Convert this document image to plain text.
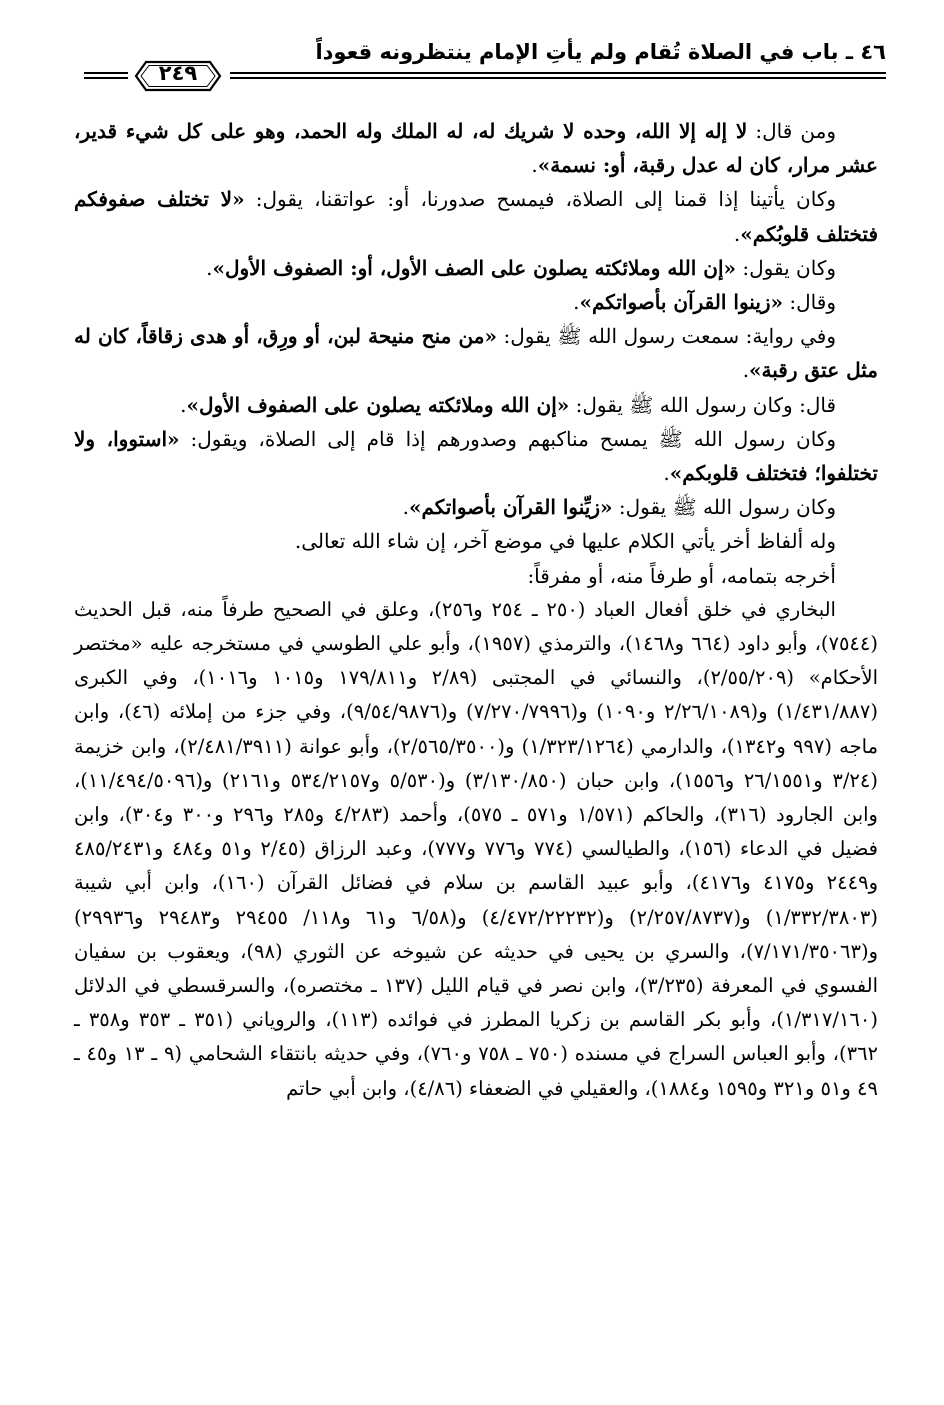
٤٦ ـ باب في الصلاة تُقام ولم يأتِ الإمام ينتظرونه قعوداً
٢٤٩

ومن قال: لا إله إلا الله، وحده لا شريك له، له الملك وله الحمد، وهو على كل شيء قدير، عشر مرار، كان له عدل رقبة، أو: نسمة».

وكان يأتينا إذا قمنا إلى الصلاة، فيمسح صدورنا، أو: عواتقنا، يقول: «لا تختلف صفوفكم فتختلف قلوبُكم».

وكان يقول: «إن الله وملائكته يصلون على الصف الأول، أو: الصفوف الأول».

وقال: «زينوا القرآن بأصواتكم».

وفي رواية: سمعت رسول الله ﷺ يقول: «من منح منيحة لبن، أو ورِق، أو هدى زقاقاً، كان له مثل عتق رقبة».

قال: وكان رسول الله ﷺ يقول: «إن الله وملائكته يصلون على الصفوف الأول».

وكان رسول الله ﷺ يمسح مناكبهم وصدورهم إذا قام إلى الصلاة، ويقول: «استووا، ولا تختلفوا؛ فتختلف قلوبكم».

وكان رسول الله ﷺ يقول: «زيِّنوا القرآن بأصواتكم».

وله ألفاظ أخر يأتي الكلام عليها في موضع آخر، إن شاء الله تعالى.

أخرجه بتمامه، أو طرفاً منه، أو مفرقاً:

البخاري في خلق أفعال العباد (٢٥٠ ـ ٢٥٤ و٢٥٦)، وعلق في الصحيح طرفاً منه، قبل الحديث (٧٥٤٤)، وأبو داود (٦٦٤ و١٤٦٨)، والترمذي (١٩٥٧)، وأبو علي الطوسي في مستخرجه عليه «مختصر الأحكام» (٢/٥٥/٢٠٩)، والنسائي في المجتبى (٢/٨٩ و١٧٩/٨١١ و١٠١٥ و١٠١٦)، وفي الكبرى (١/٤٣١/٨٨٧) و(٢/٢٦/١٠٨٩ و١٠٩٠) و(٧/٢٧٠/٧٩٩٦) و(٩/٥٤/٩٨٧٦)، وفي جزء من إملائه (٤٦)، وابن ماجه (٩٩٧ و١٣٤٢)، والدارمي (١/٣٢٣/١٢٦٤) و(٢/٥٦٥/٣٥٠٠)، وأبو عوانة (٢/٤٨١/٣٩١١)، وابن خزيمة (٣/٢٤ و٢٦/١٥٥١ و١٥٥٦)، وابن حبان (٣/١٣٠/٨٥٠) و(٥/٥٣٠ و٥٣٤/٢١٥٧ و٢١٦١) و(١١/٤٩٤/٥٠٩٦)، وابن الجارود (٣١٦)، والحاكم (١/٥٧١ و٥٧١ ـ ٥٧٥)، وأحمد (٤/٢٨٣ و٢٨٥ و٢٩٦ و٣٠٠ و٣٠٤)، وابن فضيل في الدعاء (١٥٦)، والطيالسي (٧٧٤ و٧٧٦ و٧٧٧)، وعبد الرزاق (٢/٤٥ و٥١ و٤٨٤ و٤٨٥/٢٤٣١ و٢٤٤٩ و٤١٧٥ و٤١٧٦)، وأبو عبيد القاسم بن سلام في فضائل القرآن (١٦٠)، وابن أبي شيبة (١/٣٣٢/٣٨٠٣) و(٢/٢٥٧/٨٧٣٧) و(٤/٤٧٢/٢٢٢٣٢) و(٦/٥٨ و٦١ و١١٨/ ٢٩٤٥٥ و٢٩٤٨٣ و٢٩٩٣٦) و(٧/١٧١/٣٥٠٦٣)، والسري بن يحيى في حديثه عن شيوخه عن الثوري (٩٨)، ويعقوب بن سفيان الفسوي في المعرفة (٣/٢٣٥)، وابن نصر في قيام الليل (١٣٧ ـ مختصره)، والسرقسطي في الدلائل (١/٣١٧/١٦٠)، وأبو بكر القاسم بن زكريا المطرز في فوائده (١١٣)، والروياني (٣٥١ ـ ٣٥٣ و٣٥٨ ـ ٣٦٢)، وأبو العباس السراج في مسنده (٧٥٠ ـ ٧٥٨ و٧٦٠)، وفي حديثه بانتقاء الشحامي (٩ ـ ١٣ و٤٥ ـ ٤٩ و٥١ و٣٢١ و١٥٩٥ و١٨٨٤)، والعقيلي في الضعفاء (٤/٨٦)، وابن أبي حاتم
